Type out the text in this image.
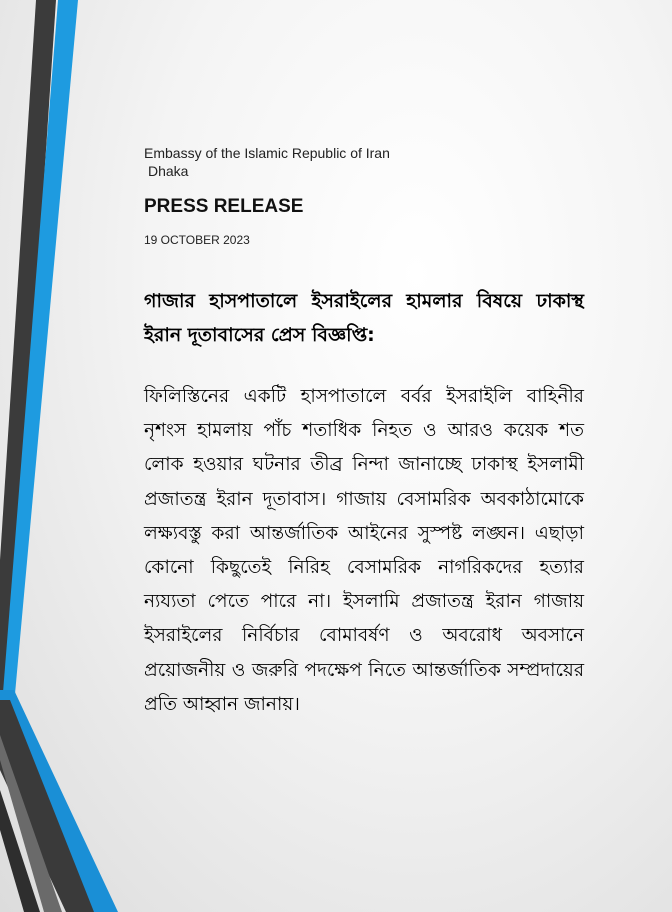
Embassy of the Islamic Republic of Iran
Dhaka
PRESS RELEASE
19 OCTOBER 2023
গাজার হাসপাতালে ইসরাইলের হামলার বিষয়ে ঢাকাস্থ ইরান দূতাবাসের প্রেস বিজ্ঞপ্তি:
ফিলিস্তিনের একটি হাসপাতালে বর্বর ইসরাইলি বাহিনীর নৃশংস হামলায় পাঁচ শতাধিক নিহত ও আরও কয়েক শত লোক হওয়ার ঘটনার তীব্র নিন্দা জানাচ্ছে ঢাকাস্থ ইসলামী প্রজাতন্ত্র ইরান দূতাবাস। গাজায় বেসামরিক অবকাঠামোকে লক্ষ্যবস্তু করা আন্তর্জাতিক আইনের সুস্পষ্ট লঙ্ঘন। এছাড়া কোনো কিছুতেই নিরিহ বেসামরিক নাগরিকদের হত্যার ন্যয্যতা পেতে পারে না। ইসলামি প্রজাতন্ত্র ইরান গাজায় ইসরাইলের নির্বিচার বোমাবর্ষণ ও অবরোধ অবসানে প্রয়োজনীয় ও জরুরি পদক্ষেপ নিতে আন্তর্জাতিক সম্প্রদায়ের প্রতি আহ্বান জানায়।
